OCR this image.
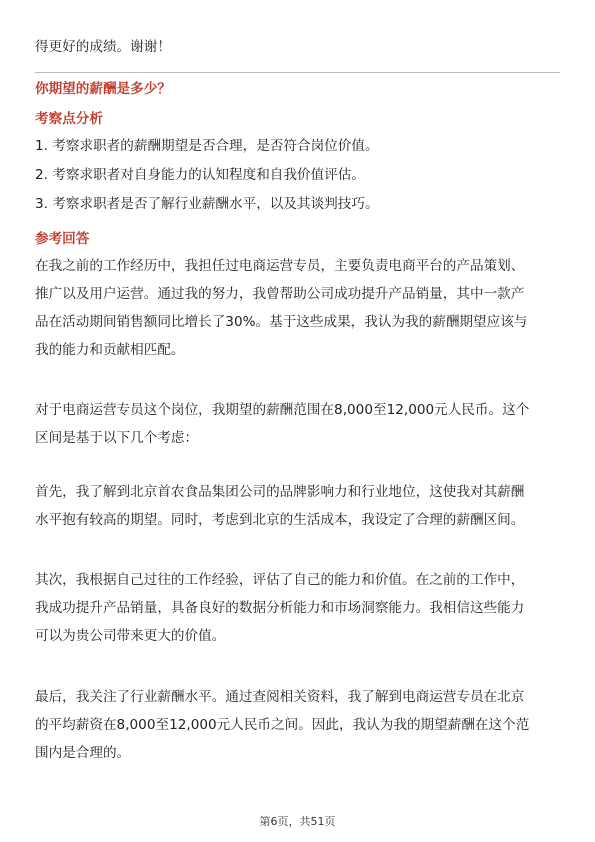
得更好的成绩。谢谢！
你期望的薪酬是多少？
考察点分析
1. 考察求职者的薪酬期望是否合理，是否符合岗位价值。
2. 考察求职者对自身能力的认知程度和自我价值评估。
3. 考察求职者是否了解行业薪酬水平，以及其谈判技巧。
参考回答
在我之前的工作经历中，我担任过电商运营专员，主要负责电商平台的产品策划、
推广以及用户运营。通过我的努力，我曾帮助公司成功提升产品销量，其中一款产
品在活动期间销售额同比增长了30%。基于这些成果，我认为我的薪酬期望应该与
我的能力和贡献相匹配。
对于电商运营专员这个岗位，我期望的薪酬范围在8,000至12,000元人民币。这个
区间是基于以下几个考虑：
首先，我了解到北京首农食品集团公司的品牌影响力和行业地位，这使我对其薪酬
水平抱有较高的期望。同时，考虑到北京的生活成本，我设定了合理的薪酬区间。
其次，我根据自己过往的工作经验，评估了自己的能力和价值。在之前的工作中，
我成功提升产品销量，具备良好的数据分析能力和市场洞察能力。我相信这些能力
可以为贵公司带来更大的价值。
最后，我关注了行业薪酬水平。通过查阅相关资料，我了解到电商运营专员在北京
的平均薪资在8,000至12,000元人民币之间。因此，我认为我的期望薪酬在这个范
围内是合理的。
第6页，共51页
